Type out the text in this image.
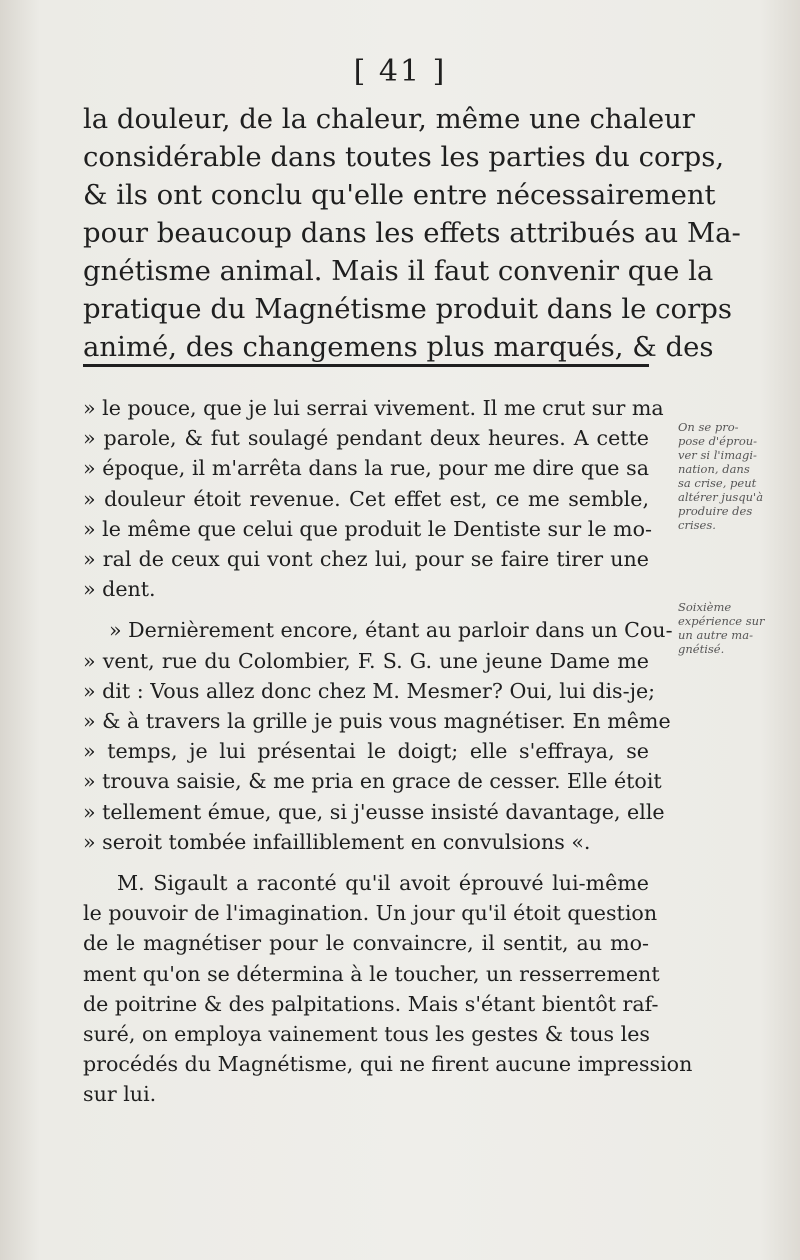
[ 41 ]
la douleur, de la chaleur, même une chaleur
considérable dans toutes les parties du corps,
& ils ont conclu qu'elle entre nécessairement
pour beaucoup dans les effets attribués au Ma-
gnétisme animal. Mais il faut convenir que la
pratique du Magnétisme produit dans le corps
animé, des changemens plus marqués, & des
» le pouce, que je lui serrai vivement. Il me crut sur ma
» parole, & fut soulagé pendant deux heures. A cette
» époque, il m'arrêta dans la rue, pour me dire que sa
» douleur étoit revenue. Cet effet est, ce me semble,
» le même que celui que produit le Dentiste sur le mo-
» ral de ceux qui vont chez lui, pour se faire tirer une
» dent.
» Dernièrement encore, étant au parloir dans un Cou-
» vent, rue du Colombier, F. S. G. une jeune Dame me
» dit : Vous allez donc chez M. Mesmer? Oui, lui dis-je;
» & à travers la grille je puis vous magnétiser. En même
» temps, je lui présentai le doigt; elle s'effraya, se
» trouva saisie, & me pria en grace de cesser. Elle étoit
» tellement émue, que, si j'eusse insisté davantage, elle
» seroit tombée infailliblement en convulsions «.
M. Sigault a raconté qu'il avoit éprouvé lui-même
le pouvoir de l'imagination. Un jour qu'il étoit question
de le magnétiser pour le convaincre, il sentit, au mo-
ment qu'on se détermina à le toucher, un resserrement
de poitrine & des palpitations. Mais s'étant bientôt raf-
suré, on employa vainement tous les gestes & tous les
procédés du Magnétisme, qui ne firent aucune impression
sur lui.
On se pro-
pose d'éprou-
ver si l'imagi-
nation, dans
sa crise, peut
altérer jusqu'à
produire des
crises.
Soixième
expérience sur
un autre ma-
gnétisé.
